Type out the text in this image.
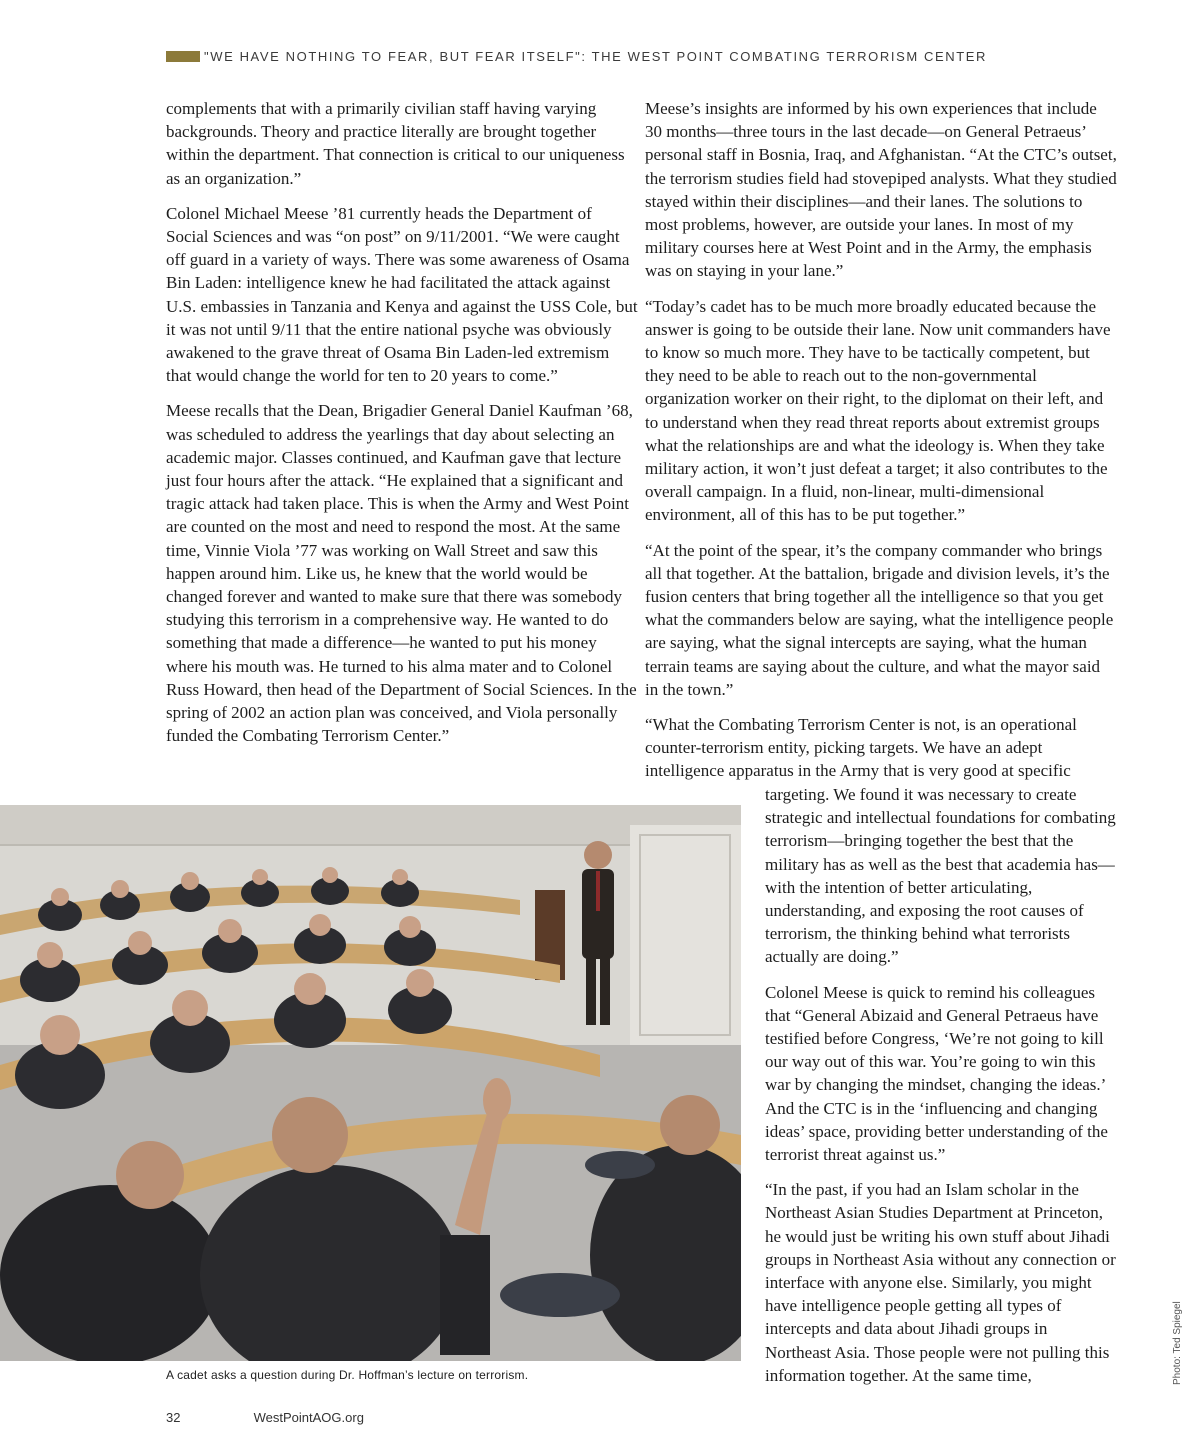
"WE HAVE NOTHING TO FEAR, BUT FEAR ITSELF": THE WEST POINT COMBATING TERRORISM CENTER

complements that with a primarily civilian staff having varying backgrounds. Theory and practice literally are brought together within the department. That connection is critical to our uniqueness as an organization.”

Colonel Michael Meese ’81 currently heads the Department of Social Sciences and was “on post” on 9/11/2001. “We were caught off guard in a variety of ways. There was some awareness of Osama Bin Laden: intelligence knew he had facilitated the attack against U.S. embassies in Tanzania and Kenya and against the USS Cole, but it was not until 9/11 that the entire national psyche was obviously awakened to the grave threat of Osama Bin Laden-led extremism that would change the world for ten to 20 years to come.”

Meese recalls that the Dean, Brigadier General Daniel Kaufman ’68, was scheduled to address the yearlings that day about selecting an academic major. Classes continued, and Kaufman gave that lecture just four hours after the attack. “He explained that a significant and tragic attack had taken place. This is when the Army and West Point are counted on the most and need to respond the most. At the same time, Vinnie Viola ’77 was working on Wall Street and saw this happen around him. Like us, he knew that the world would be changed forever and wanted to make sure that there was somebody studying this terrorism in a comprehensive way. He wanted to do something that made a difference—he wanted to put his money where his mouth was. He turned to his alma mater and to Colonel Russ Howard, then head of the Department of Social Sciences. In the spring of 2002 an action plan was conceived, and Viola personally funded the Combating Terrorism Center.”

Meese’s insights are informed by his own experiences that include 30 months—three tours in the last decade—on General Petraeus’ personal staff in Bosnia, Iraq, and Afghanistan. “At the CTC’s outset, the terrorism studies field had stovepiped analysts. What they studied stayed within their disciplines—and their lanes. The solutions to most problems, however, are outside your lanes. In most of my military courses here at West Point and in the Army, the emphasis was on staying in your lane.”

“Today’s cadet has to be much more broadly educated because the answer is going to be outside their lane. Now unit commanders have to know so much more. They have to be tactically competent, but they need to be able to reach out to the non-governmental organization worker on their right, to the diplomat on their left, and to understand when they read threat reports about extremist groups what the relationships are and what the ideology is. When they take military action, it won’t just defeat a target; it also contributes to the overall campaign. In a fluid, non-linear, multi-dimensional environment, all of this has to be put together.”

“At the point of the spear, it’s the company commander who brings all that together. At the battalion, brigade and division levels, it’s the fusion centers that bring together all the intelligence so that you get what the commanders below are saying, what the intelligence people are saying, what the signal intercepts are saying, what the human terrain teams are saying about the culture, and what the mayor said in the town.”

“What the Combating Terrorism Center is not, is an operational counter-terrorism entity, picking targets. We have an adept intelligence apparatus in the Army that is very good at specific

targeting. We found it was necessary to create strategic and intellectual foundations for combating terrorism—bringing together the best that the military has as well as the best that academia has—with the intention of better articulating, understanding, and exposing the root causes of terrorism, the thinking behind what terrorists actually are doing.”

Colonel Meese is quick to remind his colleagues that “General Abizaid and General Petraeus have testified before Congress, ‘We’re not going to kill our way out of this war. You’re going to win this war by changing the mindset, changing the ideas.’ And the CTC is in the ‘influencing and changing ideas’ space, providing better understanding of the terrorist threat against us.”

“In the past, if you had an Islam scholar in the Northeast Asian Studies Department at Princeton, he would just be writing his own stuff about Jihadi groups in Northeast Asia without any connection or interface with anyone else. Similarly, you might have intelligence people getting all types of intercepts and data about Jihadi groups in Northeast Asia. Those people were not pulling this information together. At the same time,

A cadet asks a question during Dr. Hoffman’s lecture on terrorism.	Photo: Ted Spiegel
32	WestPointAOG.org
